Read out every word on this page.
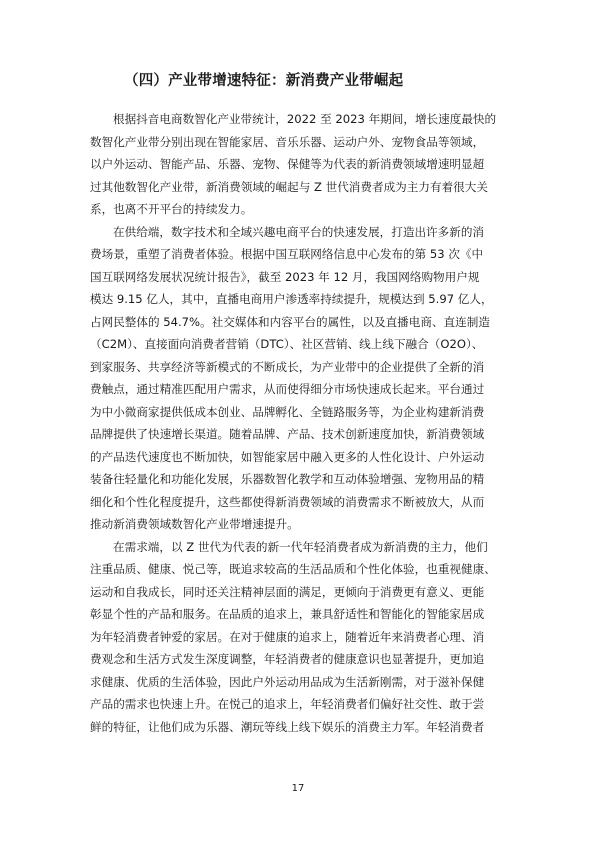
（四）产业带增速特征：新消费产业带崛起
根据抖音电商数智化产业带统计，2022 至 2023 年期间，增长速度最快的
数智化产业带分别出现在智能家居、音乐乐器、运动户外、宠物食品等领域，
以户外运动、智能产品、乐器、宠物、保健等为代表的新消费领域增速明显超
过其他数智化产业带，新消费领域的崛起与 Z 世代消费者成为主力有着很大关
系，也离不开平台的持续发力。
在供给端，数字技术和全域兴趣电商平台的快速发展，打造出许多新的消
费场景，重塑了消费者体验。根据中国互联网络信息中心发布的第 53 次《中
国互联网络发展状况统计报告》，截至 2023 年 12 月，我国网络购物用户规
模达 9.15 亿人，其中，直播电商用户渗透率持续提升，规模达到 5.97 亿人，
占网民整体的 54.7%。社交媒体和内容平台的属性，以及直播电商、直连制造
（C2M）、直接面向消费者营销（DTC）、社区营销、线上线下融合（O2O）、
到家服务、共享经济等新模式的不断成长，为产业带中的企业提供了全新的消
费触点，通过精准匹配用户需求，从而使得细分市场快速成长起来。平台通过
为中小微商家提供低成本创业、品牌孵化、全链路服务等，为企业构建新消费
品牌提供了快速增长渠道。随着品牌、产品、技术创新速度加快，新消费领域
的产品迭代速度也不断加快，如智能家居中融入更多的人性化设计、户外运动
装备往轻量化和功能化发展，乐器数智化教学和互动体验增强、宠物用品的精
细化和个性化程度提升，这些都使得新消费领域的消费需求不断被放大，从而
推动新消费领域数智化产业带增速提升。
在需求端，以 Z 世代为代表的新一代年轻消费者成为新消费的主力，他们
注重品质、健康、悦己等，既追求较高的生活品质和个性化体验，也重视健康、
运动和自我成长，同时还关注精神层面的满足，更倾向于消费更有意义、更能
彰显个性的产品和服务。在品质的追求上，兼具舒适性和智能化的智能家居成
为年轻消费者钟爱的家居。在对于健康的追求上，随着近年来消费者心理、消
费观念和生活方式发生深度调整，年轻消费者的健康意识也显著提升，更加追
求健康、优质的生活体验，因此户外运动用品成为生活新刚需，对于滋补保健
产品的需求也快速上升。在悦己的追求上，年轻消费者们偏好社交性、敢于尝
鲜的特征，让他们成为乐器、潮玩等线上线下娱乐的消费主力军。年轻消费者
17
